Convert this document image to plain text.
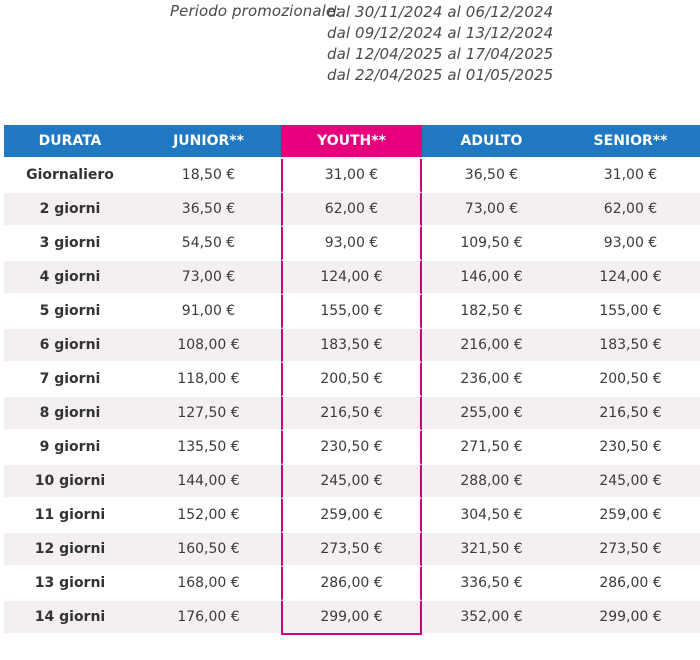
Periodo promozionale:
dal 30/11/2024 al 06/12/2024
dal 09/12/2024 al 13/12/2024
dal 12/04/2025 al 17/04/2025
dal 22/04/2025 al 01/05/2025
DURATA	JUNIOR**	YOUTH**	ADULTO	SENIOR**
Giornaliero	18,50 €	31,00 €	36,50 €	31,00 €
2 giorni	36,50 €	62,00 €	73,00 €	62,00 €
3 giorni	54,50 €	93,00 €	109,50 €	93,00 €
4 giorni	73,00 €	124,00 €	146,00 €	124,00 €
5 giorni	91,00 €	155,00 €	182,50 €	155,00 €
6 giorni	108,00 €	183,50 €	216,00 €	183,50 €
7 giorni	118,00 €	200,50 €	236,00 €	200,50 €
8 giorni	127,50 €	216,50 €	255,00 €	216,50 €
9 giorni	135,50 €	230,50 €	271,50 €	230,50 €
10 giorni	144,00 €	245,00 €	288,00 €	245,00 €
11 giorni	152,00 €	259,00 €	304,50 €	259,00 €
12 giorni	160,50 €	273,50 €	321,50 €	273,50 €
13 giorni	168,00 €	286,00 €	336,50 €	286,00 €
14 giorni	176,00 €	299,00 €	352,00 €	299,00 €
